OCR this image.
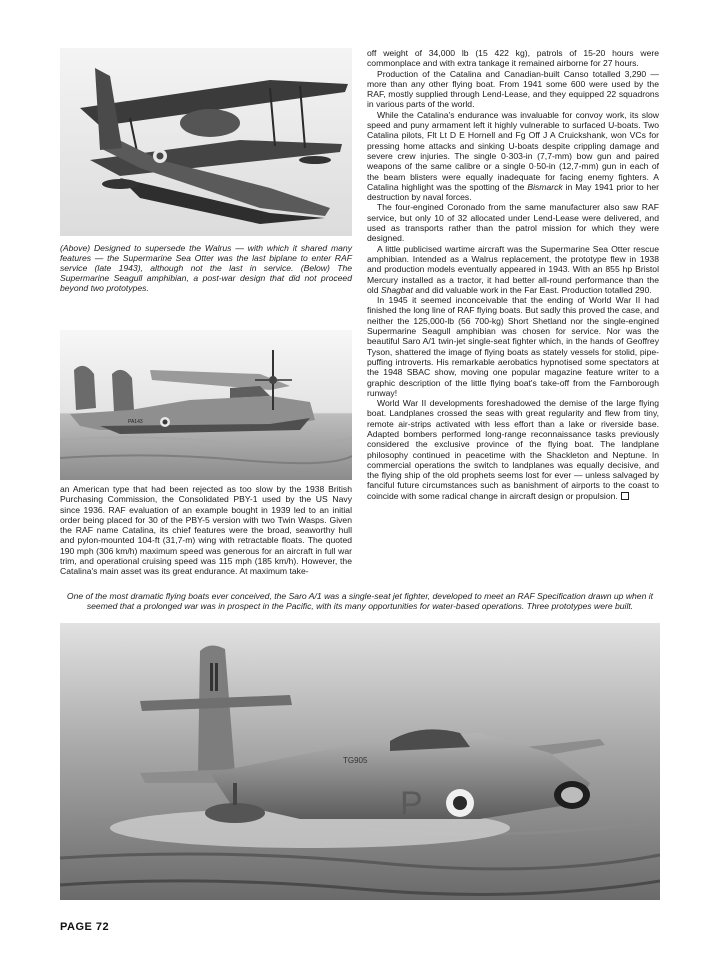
(Above) Designed to supersede the Walrus — with which it shared many features — the Supermarine Sea Otter was the last biplane to enter RAF service (late 1943), although not the last in service. (Below) The Supermarine Seagull amphibian, a post-war design that did not proceed beyond two prototypes.
PA143

an American type that had been rejected as too slow by the 1938 British Purchasing Commission, the Consolidated PBY-1 used by the US Navy since 1936. RAF evaluation of an example bought in 1939 led to an initial order being placed for 30 of the PBY-5 version with two Twin Wasps. Given the RAF name Catalina, its chief features were the broad, seaworthy hull and pylon-mounted 104-ft (31,7-m) wing with retractable floats. The quoted 190 mph (306 km/h) maximum speed was generous for an aircraft in full war trim, and operational cruising speed was 115 mph (185 km/h). However, the Catalina's main asset was its great endurance. At maximum take-

off weight of 34,000 lb (15 422 kg), patrols of 15-20 hours were commonplace and with extra tankage it remained airborne for 27 hours.

Production of the Catalina and Canadian-built Canso totalled 3,290 — more than any other flying boat. From 1941 some 600 were used by the RAF, mostly supplied through Lend-Lease, and they equipped 22 squadrons in various parts of the world.

While the Catalina's endurance was invaluable for convoy work, its slow speed and puny armament left it highly vulnerable to surfaced U-boats. Two Catalina pilots, Flt Lt D E Hornell and Fg Off J A Cruickshank, won VCs for pressing home attacks and sinking U-boats despite crippling damage and severe crew injuries. The single 0·303-in (7,7-mm) bow gun and paired weapons of the same calibre or a single 0·50-in (12,7-mm) gun in each of the beam blisters were equally inadequate for facing enemy fighters. A Catalina highlight was the spotting of the Bismarck in May 1941 prior to her destruction by naval forces.

The four-engined Coronado from the same manufacturer also saw RAF service, but only 10 of 32 allocated under Lend-Lease were delivered, and used as transports rather than the patrol mission for which they were designed.

A little publicised wartime aircraft was the Supermarine Sea Otter rescue amphibian. Intended as a Walrus replacement, the prototype flew in 1938 and production models eventually appeared in 1943. With an 855 hp Bristol Mercury installed as a tractor, it had better all-round performance than the old Shagbat and did valuable work in the Far East. Production totalled 290.

In 1945 it seemed inconceivable that the ending of World War II had finished the long line of RAF flying boats. But sadly this proved the case, and neither the 125,000-lb (56 700-kg) Short Shetland nor the single-engined Supermarine Seagull amphibian was chosen for service. Nor was the beautiful Saro A/1 twin-jet single-seat fighter which, in the hands of Geoffrey Tyson, shattered the image of flying boats as stately vessels for stolid, pipe-puffing introverts. His remarkable aerobatics hypnotised some spectators at the 1948 SBAC show, moving one popular magazine feature writer to a graphic description of the little flying boat's take-off from the Farnborough runway!

World War II developments foreshadowed the demise of the large flying boat. Landplanes crossed the seas with great regularity and flew from tiny, remote air-strips activated with less effort than a lake or riverside base. Adapted bombers performed long-range reconnaissance tasks previously considered the exclusive province of the flying boat. The landplane philosophy continued in peacetime with the Shackleton and Neptune. In commercial operations the switch to landplanes was equally decisive, and the flying ship of the old prophets seems lost for ever — unless salvaged by fanciful future circumstances such as banishment of airports to the coast to coincide with some radical change in aircraft design or propulsion.

One of the most dramatic flying boats ever conceived, the Saro A/1 was a single-seat jet fighter, developed to meet an RAF Specification drawn up when it seemed that a prolonged war was in prospect in the Pacific, with its many opportunities for water-based operations. Three prototypes were built.
P
TG905
PAGE 72
